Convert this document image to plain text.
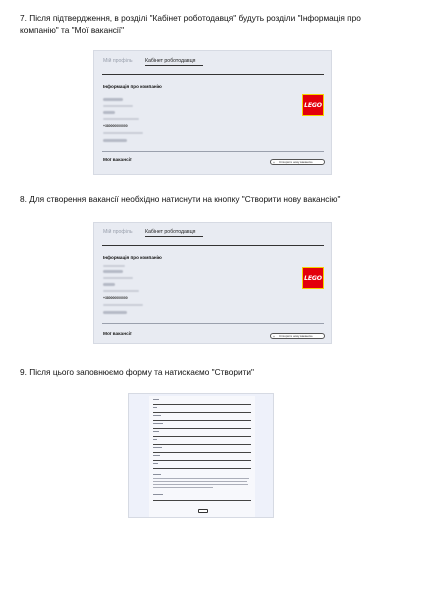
7. Після підтвердження, в розділі "Кабінет роботодавця" будуть розділи "Інформація про
компанію" та "Мої вакансії"
Мій профіль Кабінет роботодавця
Інформація про компанію
+380000000000
LEGO
Мої вакансії	+ Створити нову вакансію
8. Для створення вакансії необхідно натиснути на кнопку "Створити нову вакансію"
Мій профіль Кабінет роботодавця
Інформація про компанію
+380000000000
LEGO
Мої вакансії	+ Створити нову вакансію
9. Після цього заповнюємо форму та натискаємо "Створити"
